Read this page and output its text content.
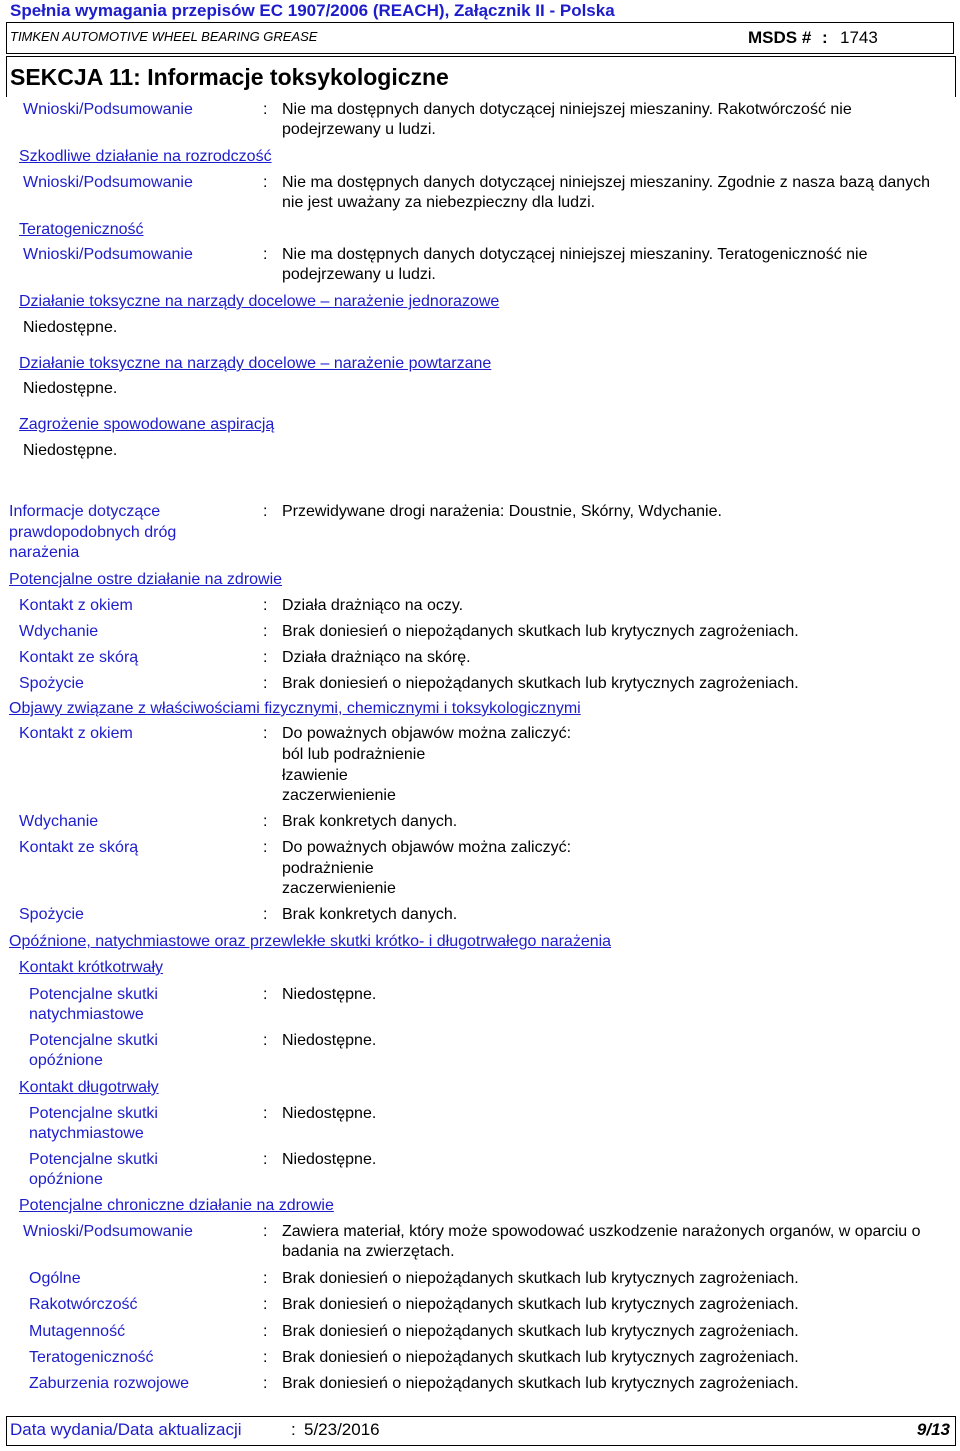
Spełnia wymagania przepisów EC 1907/2006 (REACH), Załącznik II - Polska
TIMKEN AUTOMOTIVE WHEEL BEARING GREASE	MSDS # : 1743
SEKCJA 11: Informacje toksykologiczne
Wnioski/Podsumowanie	: Nie ma dostępnych danych dotyczącej niniejszej mieszaniny. Rakotwórczość nie podejrzewany u ludzi.
Szkodliwe działanie na rozrodczość
Wnioski/Podsumowanie	: Nie ma dostępnych danych dotyczącej niniejszej mieszaniny. Zgodnie z nasza bazą danych nie jest uważany za niebezpieczny dla ludzi.
Teratogeniczność
Wnioski/Podsumowanie	: Nie ma dostępnych danych dotyczącej niniejszej mieszaniny. Teratogeniczność nie podejrzewany u ludzi.
Działanie toksyczne na narządy docelowe – narażenie jednorazowe
Niedostępne.
Działanie toksyczne na narządy docelowe – narażenie powtarzane
Niedostępne.
Zagrożenie spowodowane aspiracją
Niedostępne.
Informacje dotyczące
prawdopodobnych dróg
narażenia
: Przewidywane drogi narażenia: Doustnie, Skórny, Wdychanie.
Potencjalne ostre działanie na zdrowie
Kontakt z okiem	: Działa drażniąco na oczy.
Wdychanie	: Brak doniesień o niepożądanych skutkach lub krytycznych zagrożeniach.
Kontakt ze skórą	: Działa drażniąco na skórę.
Spożycie	: Brak doniesień o niepożądanych skutkach lub krytycznych zagrożeniach.
Objawy związane z właściwościami fizycznymi, chemicznymi i toksykologicznymi
Kontakt z okiem	: Do poważnych objawów można zaliczyć:
ból lub podrażnienie
łzawienie
zaczerwienienie
Wdychanie	: Brak konkretych danych.
Kontakt ze skórą	: Do poważnych objawów można zaliczyć:
podrażnienie
zaczerwienienie
Spożycie	: Brak konkretych danych.
Opóźnione, natychmiastowe oraz przewlekłe skutki krótko- i długotrwałego narażenia
Kontakt krótkotrwały
Potencjalne skutki
natychmiastowe
: Niedostępne.
Potencjalne skutki
opóźnione
: Niedostępne.
Kontakt długotrwały
Potencjalne skutki
natychmiastowe
: Niedostępne.
Potencjalne skutki
opóźnione
: Niedostępne.
Potencjalne chroniczne działanie na zdrowie
Wnioski/Podsumowanie	: Zawiera materiał, który może spowodować uszkodzenie narażonych organów, w oparciu o badania na zwierzętach.
Ogólne	: Brak doniesień o niepożądanych skutkach lub krytycznych zagrożeniach.
Rakotwórczość	: Brak doniesień o niepożądanych skutkach lub krytycznych zagrożeniach.
Mutagenność	: Brak doniesień o niepożądanych skutkach lub krytycznych zagrożeniach.
Teratogeniczność	: Brak doniesień o niepożądanych skutkach lub krytycznych zagrożeniach.
Zaburzenia rozwojowe	: Brak doniesień o niepożądanych skutkach lub krytycznych zagrożeniach.
Data wydania/Data aktualizacji	: 5/23/2016	9/13
